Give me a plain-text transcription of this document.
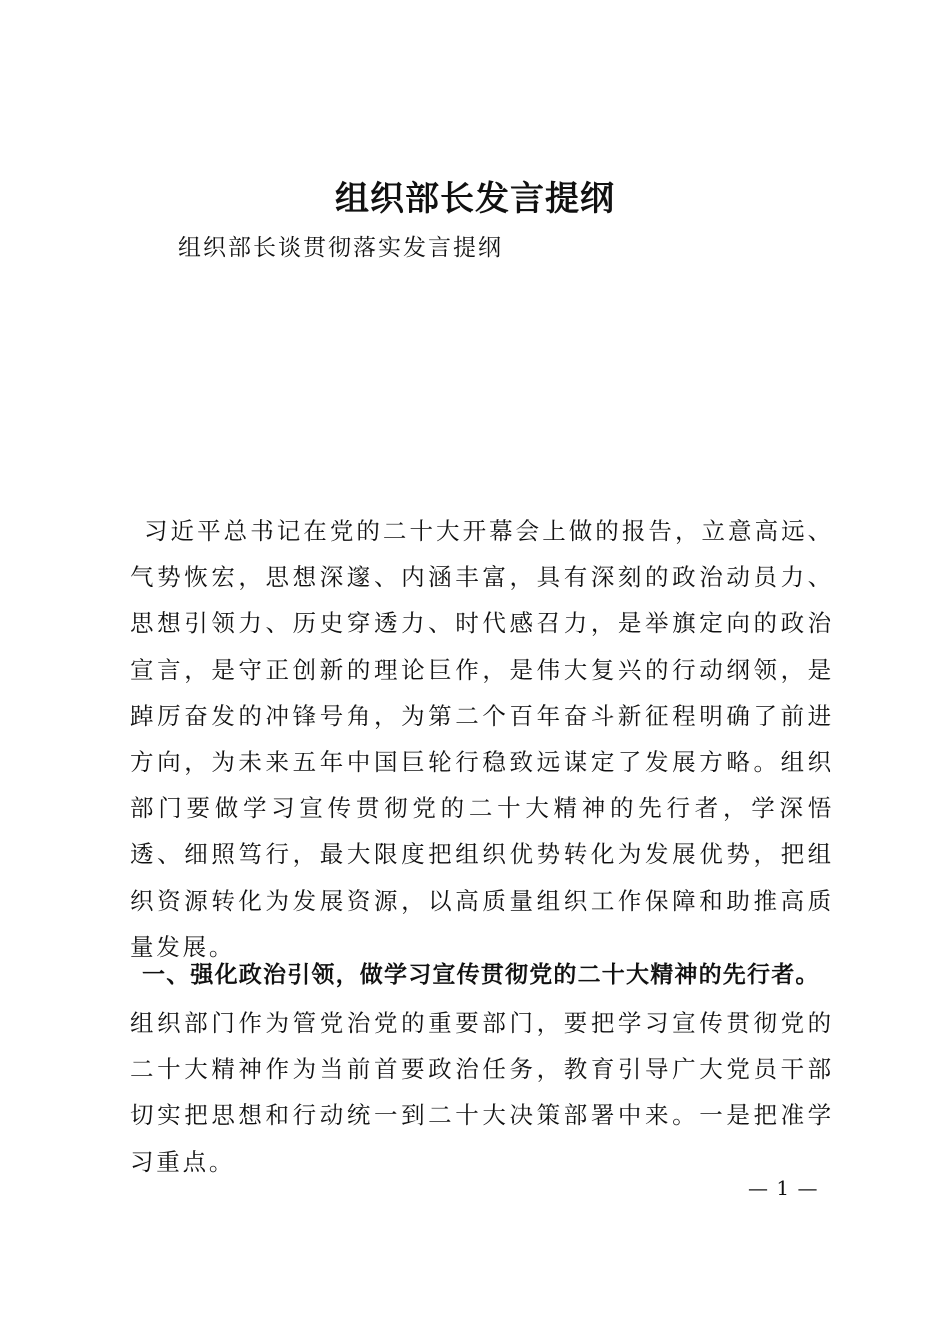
组织部长发言提纲

组织部长谈贯彻落实发言提纲

习近平总书记在党的二十大开幕会上做的报告，立意高远、气势恢宏，思想深邃、内涵丰富，具有深刻的政治动员力、思想引领力、历史穿透力、时代感召力，是举旗定向的政治宣言，是守正创新的理论巨作，是伟大复兴的行动纲领，是踔厉奋发的冲锋号角，为第二个百年奋斗新征程明确了前进方向，为未来五年中国巨轮行稳致远谋定了发展方略。组织部门要做学习宣传贯彻党的二十大精神的先行者，学深悟透、细照笃行，最大限度把组织优势转化为发展优势，把组织资源转化为发展资源，以高质量组织工作保障和助推高质量发展。

一、强化政治引领，做学习宣传贯彻党的二十大精神的先行者。

组织部门作为管党治党的重要部门，要把学习宣传贯彻党的二十大精神作为当前首要政治任务，教育引导广大党员干部切实把思想和行动统一到二十大决策部署中来。一是把准学习重点。

— 1 —
